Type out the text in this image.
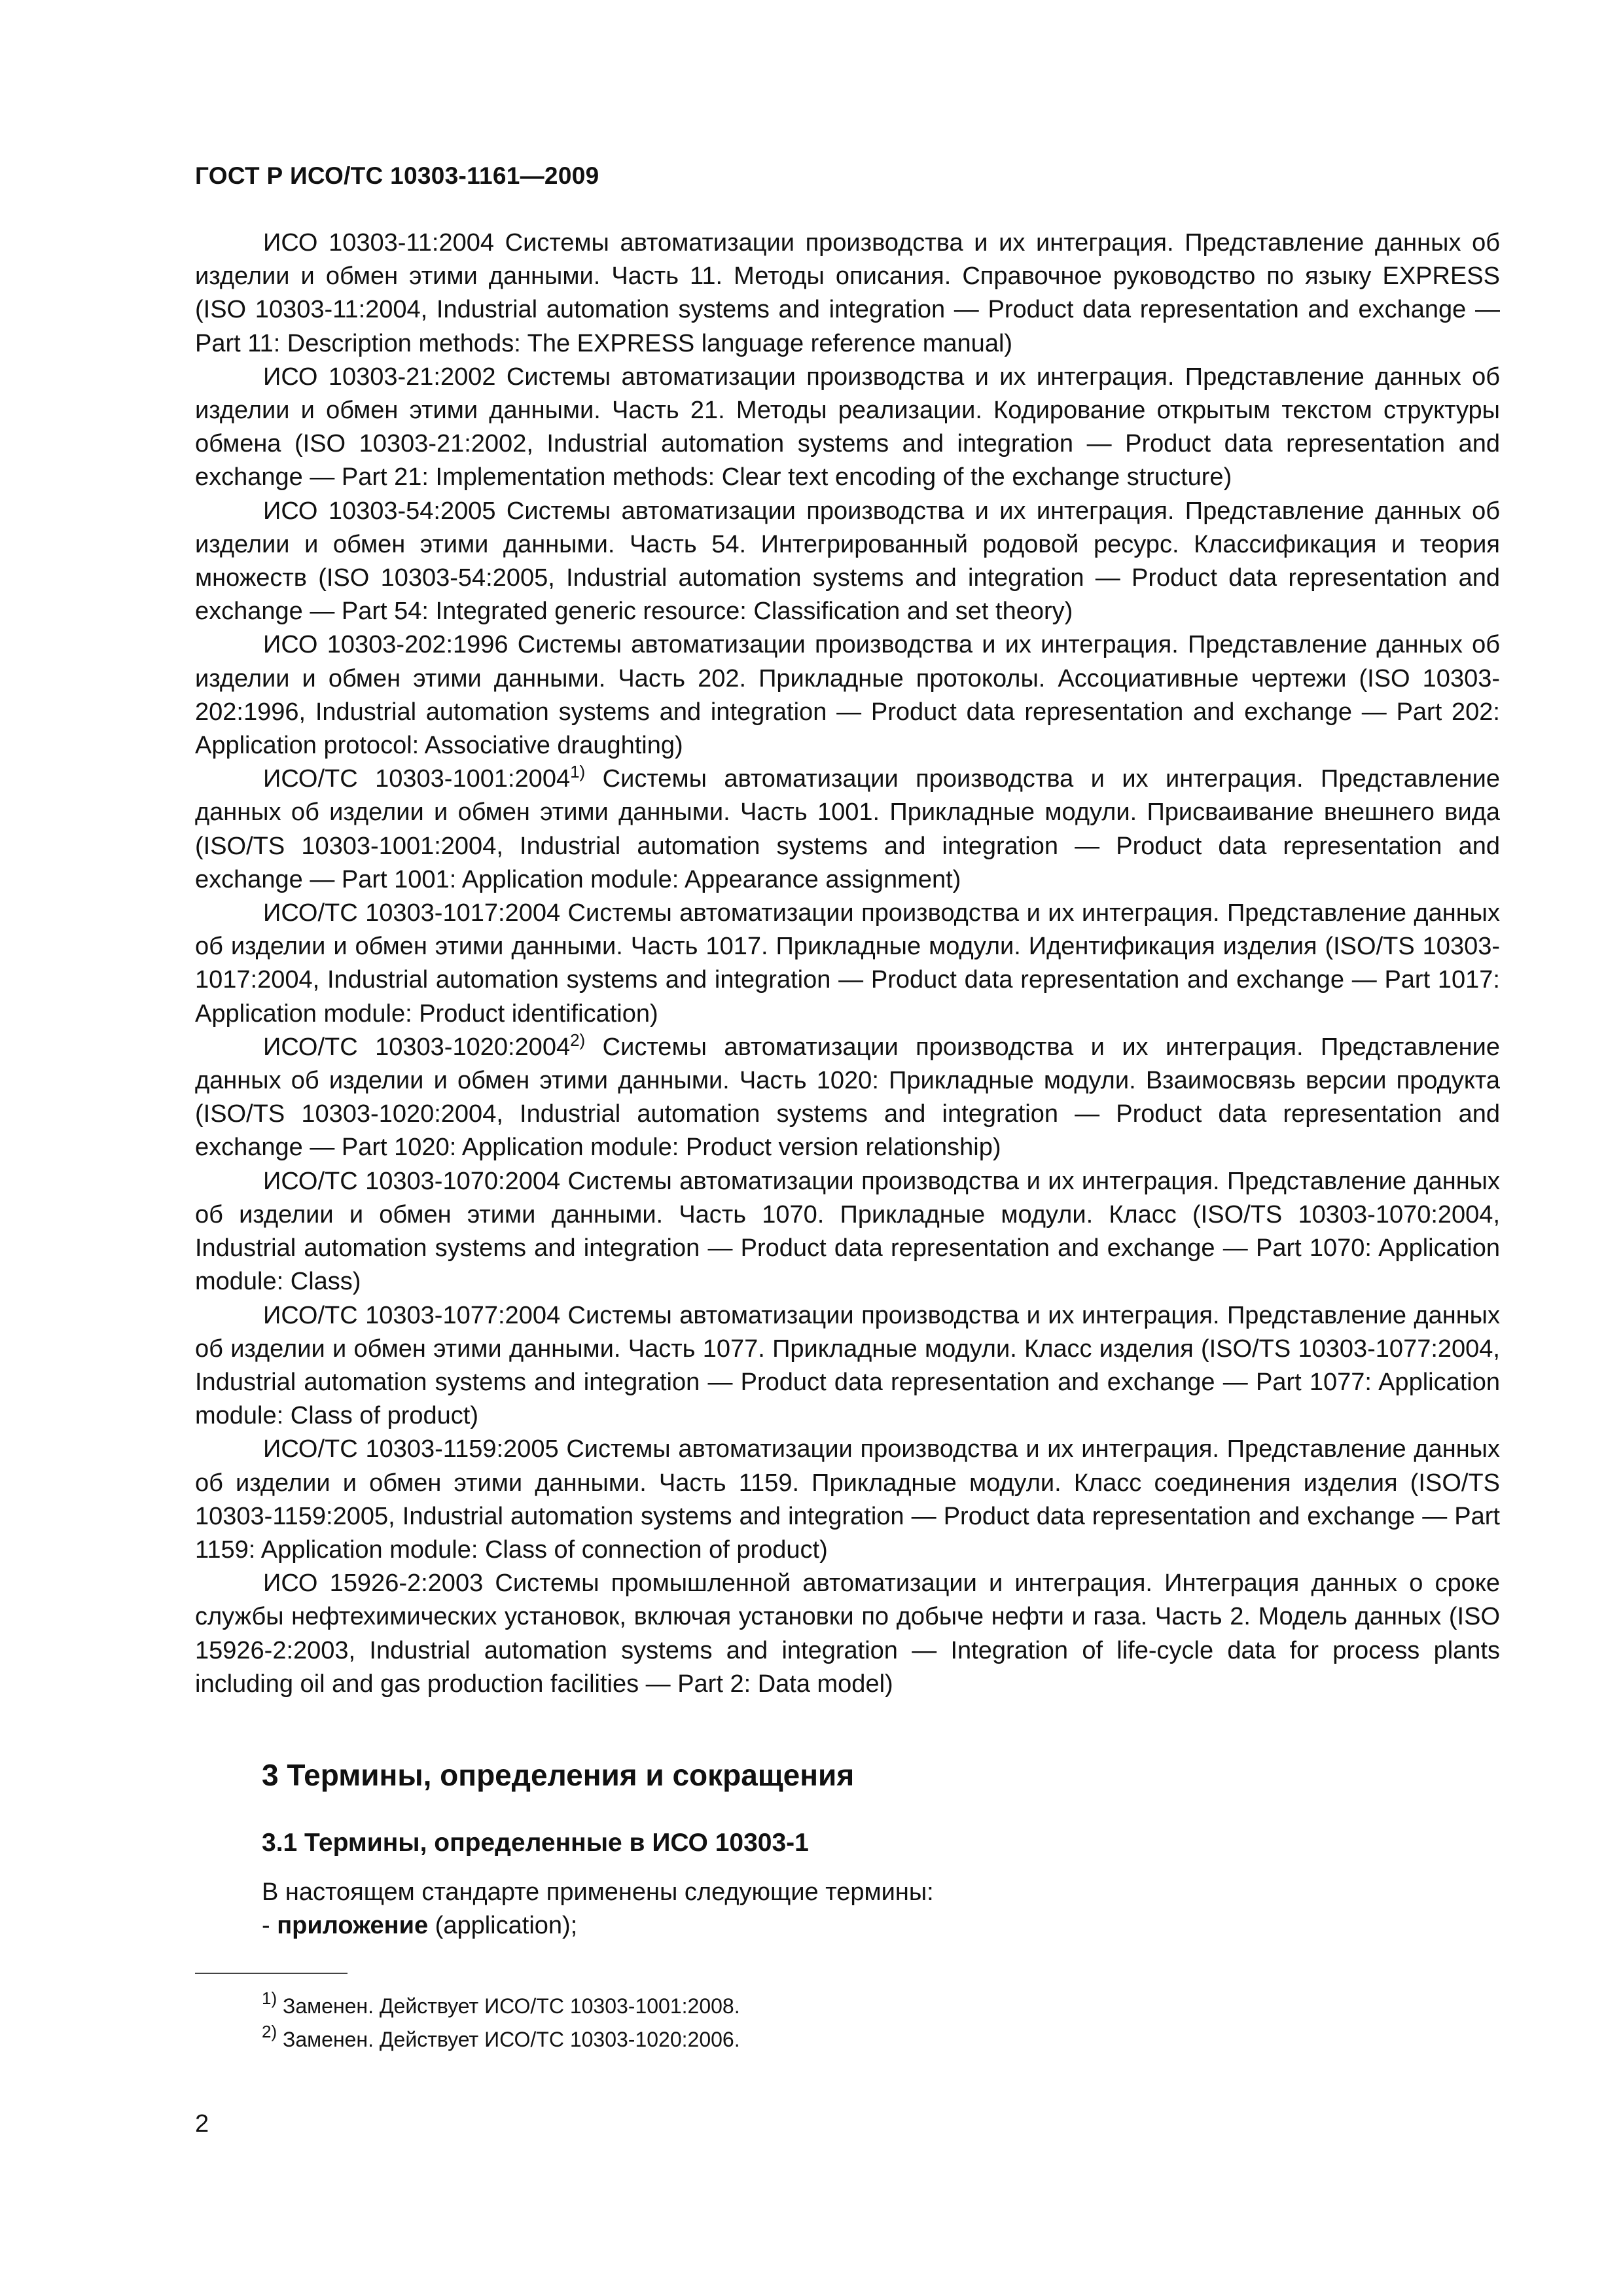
ГОСТ Р ИСО/ТС 10303-1161—2009

ИСО 10303-11:2004 Системы автоматизации производства и их интеграция. Представление данных об изделии и обмен этими данными. Часть 11. Методы описания. Справочное руководство по языку EXPRESS (ISO 10303-11:2004, Industrial automation systems and integration — Product data representation and exchange — Part 11: Description methods: The EXPRESS language reference manual)

ИСО 10303-21:2002 Системы автоматизации производства и их интеграция. Представление данных об изделии и обмен этими данными. Часть 21. Методы реализации. Кодирование открытым текстом структуры обмена (ISO 10303-21:2002, Industrial automation systems and integration — Product data representation and exchange — Part 21: Implementation methods: Clear text encoding of the exchange structure)

ИСО 10303-54:2005 Системы автоматизации производства и их интеграция. Представление данных об изделии и обмен этими данными. Часть 54. Интегрированный родовой ресурс. Классификация и теория множеств (ISO 10303-54:2005, Industrial automation systems and integration — Product data representation and exchange — Part 54: Integrated generic resource: Classification and set theory)

ИСО 10303-202:1996 Системы автоматизации производства и их интеграция. Представление данных об изделии и обмен этими данными. Часть 202. Прикладные протоколы. Ассоциативные чертежи (ISO 10303-202:1996, Industrial automation systems and integration — Product data representation and exchange — Part 202: Application protocol: Associative draughting)

ИСО/ТС 10303-1001:2004$^{1)}$ Системы автоматизации производства и их интеграция. Представление данных об изделии и обмен этими данными. Часть 1001. Прикладные модули. Присваивание внешнего вида (ISO/TS 10303-1001:2004, Industrial automation systems and integration — Product data representation and exchange — Part 1001: Application module: Appearance assignment)

ИСО/ТС 10303-1017:2004 Системы автоматизации производства и их интеграция. Представление данных об изделии и обмен этими данными. Часть 1017. Прикладные модули. Идентификация изделия (ISO/TS 10303-1017:2004, Industrial automation systems and integration — Product data representation and exchange — Part 1017: Application module: Product identification)

ИСО/ТС 10303-1020:2004$^{2)}$ Системы автоматизации производства и их интеграция. Представление данных об изделии и обмен этими данными. Часть 1020: Прикладные модули. Взаимосвязь версии продукта (ISO/TS 10303-1020:2004, Industrial automation systems and integration — Product data representation and exchange — Part 1020: Application module: Product version relationship)

ИСО/ТС 10303-1070:2004 Системы автоматизации производства и их интеграция. Представление данных об изделии и обмен этими данными. Часть 1070. Прикладные модули. Класс (ISO/TS 10303-1070:2004, Industrial automation systems and integration — Product data representation and exchange — Part 1070: Application module: Class)

ИСО/ТС 10303-1077:2004 Системы автоматизации производства и их интеграция. Представление данных об изделии и обмен этими данными. Часть 1077. Прикладные модули. Класс изделия (ISO/TS 10303-1077:2004, Industrial automation systems and integration — Product data representation and exchange — Part 1077: Application module: Class of product)

ИСО/ТС 10303-1159:2005 Системы автоматизации производства и их интеграция. Представление данных об изделии и обмен этими данными. Часть 1159. Прикладные модули. Класс соединения изделия (ISO/TS 10303-1159:2005, Industrial automation systems and integration — Product data representation and exchange — Part 1159: Application module: Class of connection of product)

ИСО 15926-2:2003 Системы промышленной автоматизации и интеграция. Интеграция данных о сроке службы нефтехимических установок, включая установки по добыче нефти и газа. Часть 2. Модель данных (ISO 15926-2:2003, Industrial automation systems and integration — Integration of life-cycle data for process plants including oil and gas production facilities — Part 2: Data model)

3 Термины, определения и сокращения
3.1 Термины, определенные в ИСО 10303-1

В настоящем стандарте применены следующие термины:

- приложение (application);

$^{1)}$ Заменен. Действует ИСО/ТС 10303-1001:2008.

$^{2)}$ Заменен. Действует ИСО/ТС 10303-1020:2006.

2
